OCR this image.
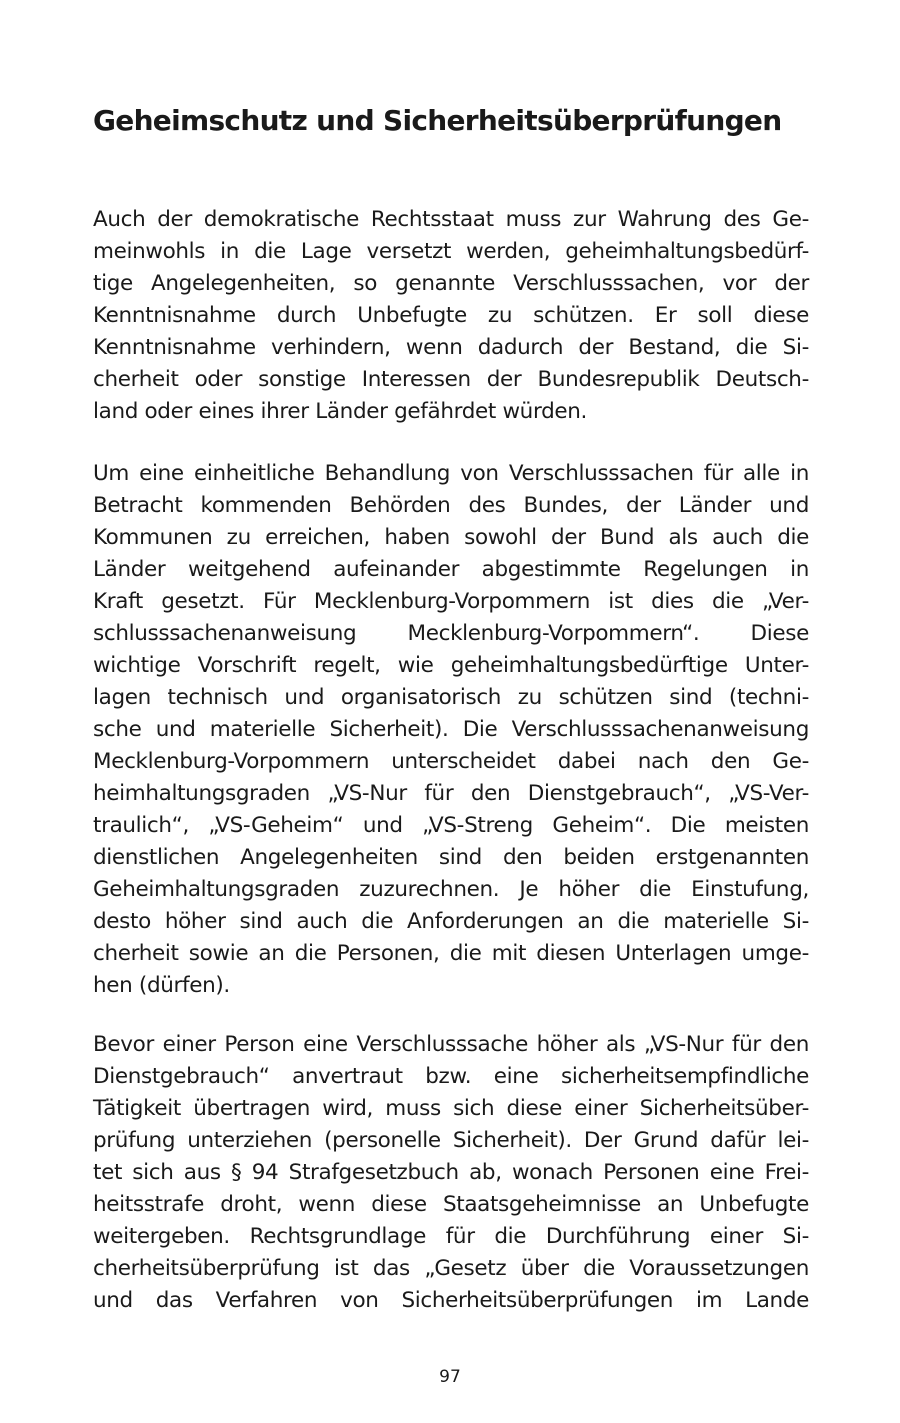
Geheimschutz und Sicherheitsüberprüfungen
Auch der demokratische Rechtsstaat muss zur Wahrung des Ge-
meinwohls in die Lage versetzt werden, geheimhaltungsbedürf-
tige Angelegenheiten, so genannte Verschlusssachen, vor der
Kenntnisnahme durch Unbefugte zu schützen. Er soll diese
Kenntnisnahme verhindern, wenn dadurch der Bestand, die Si-
cherheit oder sonstige Interessen der Bundesrepublik Deutsch-
land oder eines ihrer Länder gefährdet würden.
Um eine einheitliche Behandlung von Verschlusssachen für alle in
Betracht kommenden Behörden des Bundes, der Länder und
Kommunen zu erreichen, haben sowohl der Bund als auch die
Länder weitgehend aufeinander abgestimmte Regelungen in
Kraft gesetzt. Für Mecklenburg-Vorpommern ist dies die „Ver-
schlusssachenanweisung Mecklenburg-Vorpommern“. Diese
wichtige Vorschrift regelt, wie geheimhaltungsbedürftige Unter-
lagen technisch und organisatorisch zu schützen sind (techni-
sche und materielle Sicherheit). Die Verschlusssachenanweisung
Mecklenburg-Vorpommern unterscheidet dabei nach den Ge-
heimhaltungsgraden „VS-Nur für den Dienstgebrauch“, „VS-Ver-
traulich“, „VS-Geheim“ und „VS-Streng Geheim“. Die meisten
dienstlichen Angelegenheiten sind den beiden erstgenannten
Geheimhaltungsgraden zuzurechnen. Je höher die Einstufung,
desto höher sind auch die Anforderungen an die materielle Si-
cherheit sowie an die Personen, die mit diesen Unterlagen umge-
hen (dürfen).
Bevor einer Person eine Verschlusssache höher als „VS-Nur für den
Dienstgebrauch“ anvertraut bzw. eine sicherheitsempfindliche
Tätigkeit übertragen wird, muss sich diese einer Sicherheitsüber-
prüfung unterziehen (personelle Sicherheit). Der Grund dafür lei-
tet sich aus § 94 Strafgesetzbuch ab, wonach Personen eine Frei-
heitsstrafe droht, wenn diese Staatsgeheimnisse an Unbefugte
weitergeben. Rechtsgrundlage für die Durchführung einer Si-
cherheitsüberprüfung ist das „Gesetz über die Voraussetzungen
und das Verfahren von Sicherheitsüberprüfungen im Lande
97
